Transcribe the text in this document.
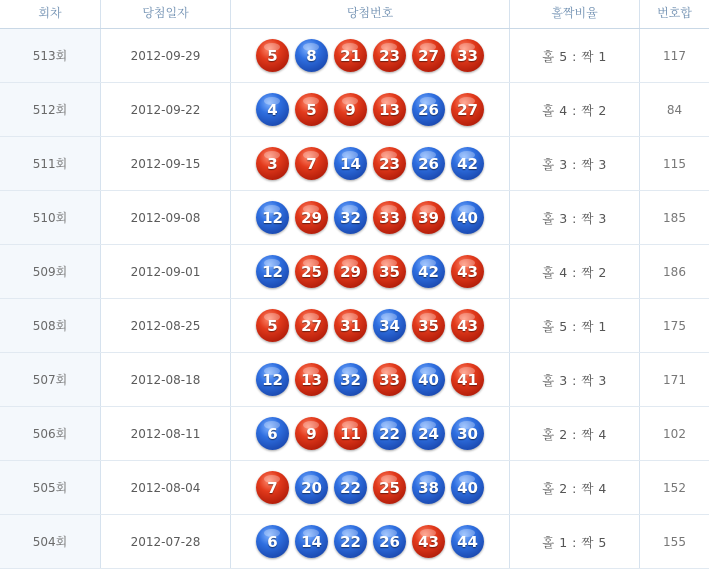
회차	당첨일자	당첨번호	홀짝비율	번호합
513회	2012-09-29	5	8	21	23	27	33	홀 5 : 짝 1	117
512회	2012-09-22	4	5	9	13	26	27	홀 4 : 짝 2	84
511회	2012-09-15	3	7	14	23	26	42	홀 3 : 짝 3	115
510회	2012-09-08	12	29	32	33	39	40	홀 3 : 짝 3	185
509회	2012-09-01	12	25	29	35	42	43	홀 4 : 짝 2	186
508회	2012-08-25	5	27	31	34	35	43	홀 5 : 짝 1	175
507회	2012-08-18	12	13	32	33	40	41	홀 3 : 짝 3	171
506회	2012-08-11	6	9	11	22	24	30	홀 2 : 짝 4	102
505회	2012-08-04	7	20	22	25	38	40	홀 2 : 짝 4	152
504회	2012-07-28	6	14	22	26	43	44	홀 1 : 짝 5	155
